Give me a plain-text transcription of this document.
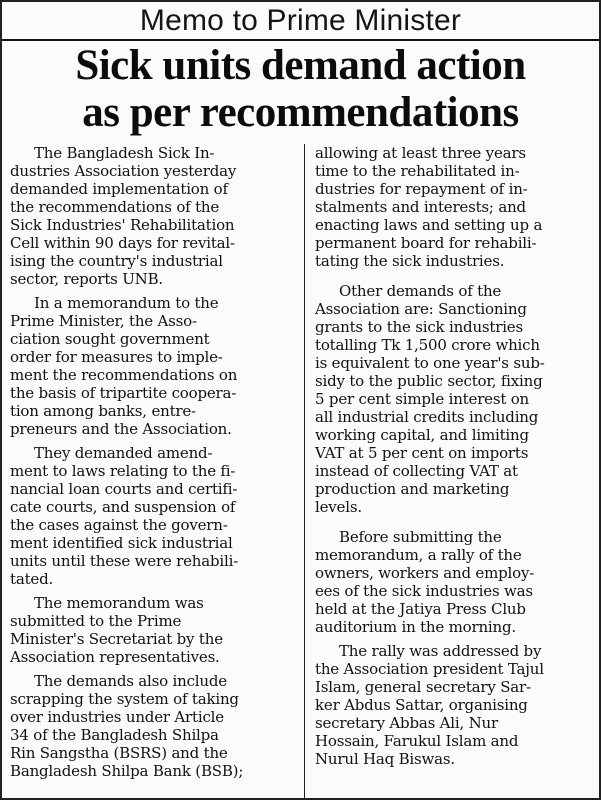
Memo to Prime Minister
Sick units demand action
as per recommendations
The Bangladesh Sick In-
dustries Association yesterday
demanded implementation of
the recommendations of the
Sick Industries' Rehabilitation
Cell within 90 days for revital-
ising the country's industrial
sector, reports UNB.
In a memorandum to the
Prime Minister, the Asso-
ciation sought government
order for measures to imple-
ment the recommendations on
the basis of tripartite coopera-
tion among banks, entre-
preneurs and the Association.
They demanded amend-
ment to laws relating to the fi-
nancial loan courts and certifi-
cate courts, and suspension of
the cases against the govern-
ment identified sick industrial
units until these were rehabili-
tated.
The memorandum was
submitted to the Prime
Minister's Secretariat by the
Association representatives.
The demands also include
scrapping the system of taking
over industries under Article
34 of the Bangladesh Shilpa
Rin Sangstha (BSRS) and the
Bangladesh Shilpa Bank (BSB);
allowing at least three years
time to the rehabilitated in-
dustries for repayment of in-
stalments and interests; and
enacting laws and setting up a
permanent board for rehabili-
tating the sick industries.
Other demands of the
Association are: Sanctioning
grants to the sick industries
totalling Tk 1,500 crore which
is equivalent to one year's sub-
sidy to the public sector, fixing
5 per cent simple interest on
all industrial credits including
working capital, and limiting
VAT at 5 per cent on imports
instead of collecting VAT at
production and marketing
levels.
Before submitting the
memorandum, a rally of the
owners, workers and employ-
ees of the sick industries was
held at the Jatiya Press Club
auditorium in the morning.
The rally was addressed by
the Association president Tajul
Islam, general secretary Sar-
ker Abdus Sattar, organising
secretary Abbas Ali, Nur
Hossain, Farukul Islam and
Nurul Haq Biswas.
